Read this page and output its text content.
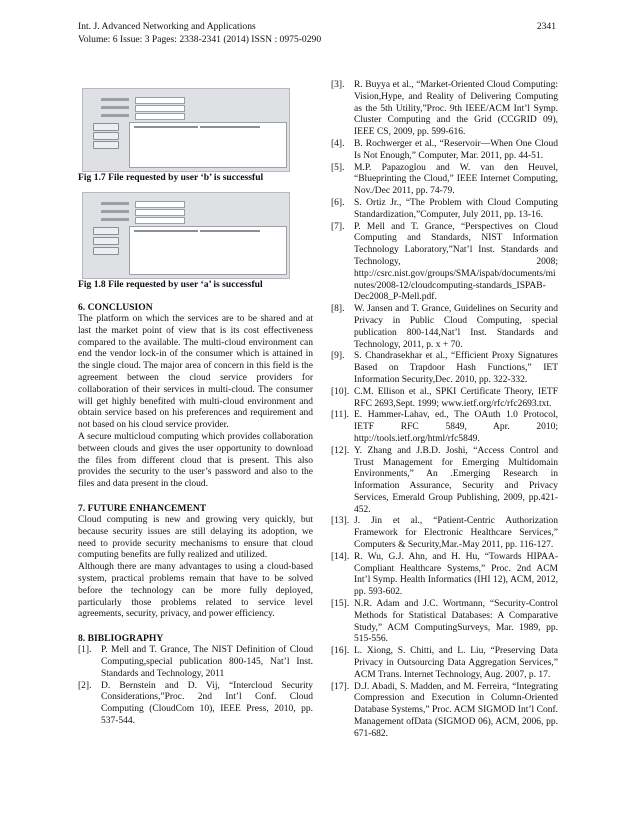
Int. J. Advanced Networking and Applications
Volume: 6 Issue: 3 Pages: 2338-2341 (2014) ISSN : 0975-0290
2341

Fig 1.7 File requested by user ‘b’ is successful

Fig 1.8 File requested by user ‘a’ is successful

6. CONCLUSION

The platform on which the services are to be shared and at last the market point of view that is its cost effectiveness compared to the available. The multi-cloud environment can end the vendor lock-in of the consumer which is attained in the single cloud. The major area of concern in this field is the agreement between the cloud service providers for collaboration of their services in multi-cloud. The consumer will get highly benefited with multi-cloud environment and obtain service based on his preferences and requirement and not based on his cloud service provider.

A secure multicloud computing which provides collaboration between clouds and gives the user opportunity to download the files from different cloud that is present. This also provides the security to the user’s password and also to the files and data present in the cloud.

7. FUTURE ENHANCEMENT

Cloud computing is new and growing very quickly, but because security issues are still delaying its adoption, we need to provide security mechanisms to ensure that cloud computing benefits are fully realized and utilized.

Although there are many advantages to using a cloud-based system, practical problems remain that have to be solved before the technology can be more fully deployed, particularly those problems related to service level agreements, security, privacy, and power efficiency.

8. BIBLIOGRAPHY
[1]. P. Mell and T. Grance, The NIST Definition of Cloud Computing,special publication 800-145, Nat’l Inst. Standards and Technology, 2011
[2]. D. Bernstein and D. Vij, “Intercloud Security Considerations,”Proc. 2nd Int’l Conf. Cloud Computing (CloudCom 10), IEEE Press, 2010, pp. 537-544.
[3]. R. Buyya et al., “Market-Oriented Cloud Computing: Vision,Hype, and Reality of Delivering Computing as the 5th Utility,”Proc. 9th IEEE/ACM Int’l Symp. Cluster Computing and the Grid (CCGRID 09), IEEE CS, 2009, pp. 599-616.
[4]. B. Rochwerger et al., “Reservoir—When One Cloud Is Not Enough,” Computer, Mar. 2011, pp. 44-51.
[5]. M.P. Papazoglou and W. van den Heuvel, “Blueprinting the Cloud,” IEEE Internet Computing, Nov./Dec 2011, pp. 74-79.
[6]. S. Ortiz Jr., “The Problem with Cloud Computing Standardization,”Computer, July 2011, pp. 13-16.
[7]. P. Mell and T. Grance, “Perspectives on Cloud Computing and Standards, NIST Information Technology Laboratory,”Nat’l Inst. Standards and Technology, 2008; http://csrc.nist.gov/groups/SMA/ispab/documents/minutes/2008-12/cloudcomputing-standards_ISPAB-Dec2008_P-Mell.pdf.
[8]. W. Jansen and T. Grance, Guidelines on Security and Privacy in Public Cloud Computing, special publication 800-144,Nat’l Inst. Standards and Technology, 2011, p. x + 70.
[9]. S. Chandrasekhar et al., “Efficient Proxy Signatures Based on Trapdoor Hash Functions,” IET Information Security,Dec. 2010, pp. 322-332.
[10]. C.M. Ellison et al., SPKI Certificate Theory, IETF RFC 2693,Sept. 1999; www.ietf.org/rfc/rfc2693.txt.
[11]. E. Hammer-Lahav, ed., The OAuth 1.0 Protocol, IETF RFC 5849, Apr. 2010; http://tools.ietf.org/html/rfc5849.
[12]. Y. Zhang and J.B.D. Joshi, “Access Control and Trust Management for Emerging Multidomain Environments,” An .Emerging Research in Information Assurance, Security and Privacy Services, Emerald Group Publishing, 2009, pp.421-452.
[13]. J. Jin et al., “Patient-Centric Authorization Framework for Electronic Healthcare Services,” Computers & Security,Mar.-May 2011, pp. 116-127.
[14]. R. Wu, G.J. Ahn, and H. Hu, “Towards HIPAA-Compliant Healthcare Systems,” Proc. 2nd ACM Int’l Symp. Health Informatics (IHI 12), ACM, 2012, pp. 593-602.
[15]. N.R. Adam and J.C. Wortmann, “Security-Control Methods for Statistical Databases: A Comparative Study,” ACM ComputingSurveys, Mar. 1989, pp. 515-556.
[16]. L. Xiong, S. Chitti, and L. Liu, “Preserving Data Privacy in Outsourcing Data Aggregation Services,” ACM Trans. Internet Technology, Aug. 2007, p. 17.
[17]. D.J. Abadi, S. Madden, and M. Ferreira, “Integrating Compression and Execution in Column-Oriented Database Systems,” Proc. ACM SIGMOD Int’l Conf. Management ofData (SIGMOD 06), ACM, 2006, pp. 671-682.
